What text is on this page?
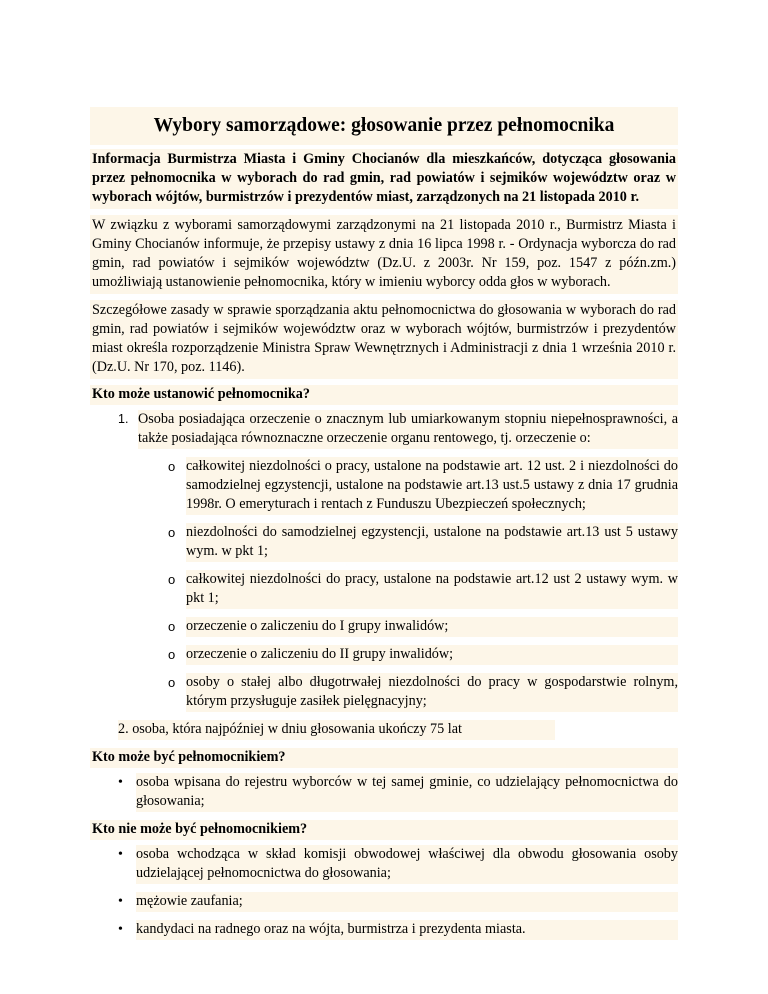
Wybory samorządowe: głosowanie przez pełnomocnika
Informacja Burmistrza Miasta i Gminy Chocianów dla mieszkańców, dotycząca głosowania przez pełnomocnika w wyborach do rad gmin, rad powiatów i sejmików województw oraz w wyborach wójtów, burmistrzów i prezydentów miast, zarządzonych na 21 listopada 2010 r.
W związku z wyborami samorządowymi zarządzonymi na 21 listopada 2010 r., Burmistrz Miasta i Gminy Chocianów informuje, że przepisy ustawy z dnia 16 lipca 1998 r. - Ordynacja wyborcza do rad gmin, rad powiatów i sejmików województw (Dz.U. z 2003r. Nr 159, poz. 1547 z późn.zm.) umożliwiają ustanowienie pełnomocnika, który w imieniu wyborcy odda głos w wyborach.
Szczegółowe zasady w sprawie sporządzania aktu pełnomocnictwa do głosowania w wyborach do rad gmin, rad powiatów i sejmików województw oraz w wyborach wójtów, burmistrzów i prezydentów miast określa rozporządzenie Ministra Spraw Wewnętrznych i Administracji z dnia 1 września 2010 r. (Dz.U. Nr 170, poz. 1146).
Kto może ustanowić pełnomocnika?
1. Osoba posiadająca orzeczenie o znacznym lub umiarkowanym stopniu niepełnosprawności, a także posiadająca równoznaczne orzeczenie organu rentowego, tj. orzeczenie o:
o całkowitej niezdolności o pracy, ustalone na podstawie art. 12 ust. 2 i niezdolności do samodzielnej egzystencji, ustalone na podstawie art.13 ust.5 ustawy z dnia 17 grudnia 1998r. O emeryturach i rentach z Funduszu Ubezpieczeń społecznych;
o niezdolności do samodzielnej egzystencji, ustalone na podstawie art.13 ust 5 ustawy wym. w pkt 1;
o całkowitej niezdolności do pracy, ustalone na podstawie art.12 ust 2 ustawy wym. w pkt 1;
o orzeczenie o zaliczeniu do I grupy inwalidów;
o orzeczenie o zaliczeniu do II grupy inwalidów;
o osoby o stałej albo długotrwałej niezdolności do pracy w gospodarstwie rolnym, którym przysługuje zasiłek pielęgnacyjny;
2. osoba, która najpóźniej w dniu głosowania ukończy 75 lat
Kto może być pełnomocnikiem?
• osoba wpisana do rejestru wyborców w tej samej gminie, co udzielający pełnomocnictwa do głosowania;
Kto nie może być pełnomocnikiem?
• osoba wchodząca w skład komisji obwodowej właściwej dla obwodu głosowania osoby udzielającej pełnomocnictwa do głosowania;
• mężowie zaufania;
• kandydaci na radnego oraz na wójta, burmistrza i prezydenta miasta.
